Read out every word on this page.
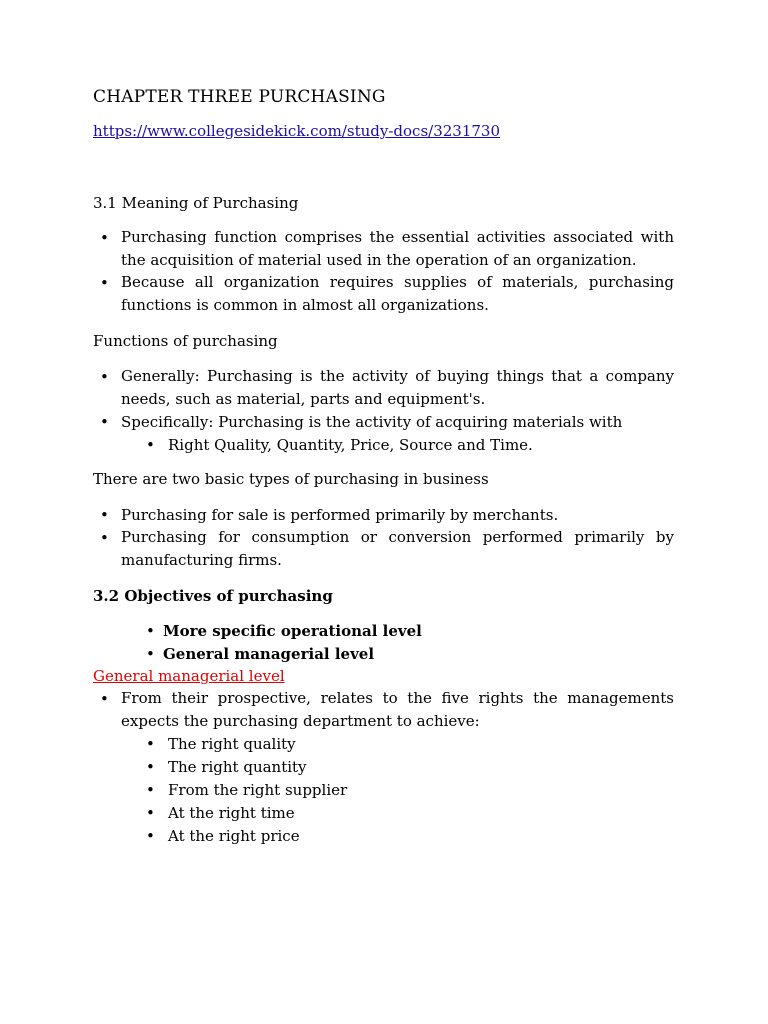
CHAPTER THREE PURCHASING
https://www.collegesidekick.com/study-docs/3231730
3.1 Meaning of Purchasing
• Purchasing function comprises the essential activities associated with the acquisition of material used in the operation of an organization.
• Because all organization requires supplies of materials, purchasing functions is common in almost all organizations.
Functions of purchasing
• Generally: Purchasing is the activity of buying things that a company needs, such as material, parts and equipment's.
• Specifically: Purchasing is the activity of acquiring materials with
• Right Quality, Quantity, Price, Source and Time.
There are two basic types of purchasing in business
• Purchasing for sale is performed primarily by merchants.
• Purchasing for consumption or conversion performed primarily by manufacturing firms.
3.2 Objectives of purchasing
• More specific operational level
• General managerial level
General managerial level
• From their prospective, relates to the five rights the managements expects the purchasing department to achieve:
• The right quality
• The right quantity
• From the right supplier
• At the right time
• At the right price
